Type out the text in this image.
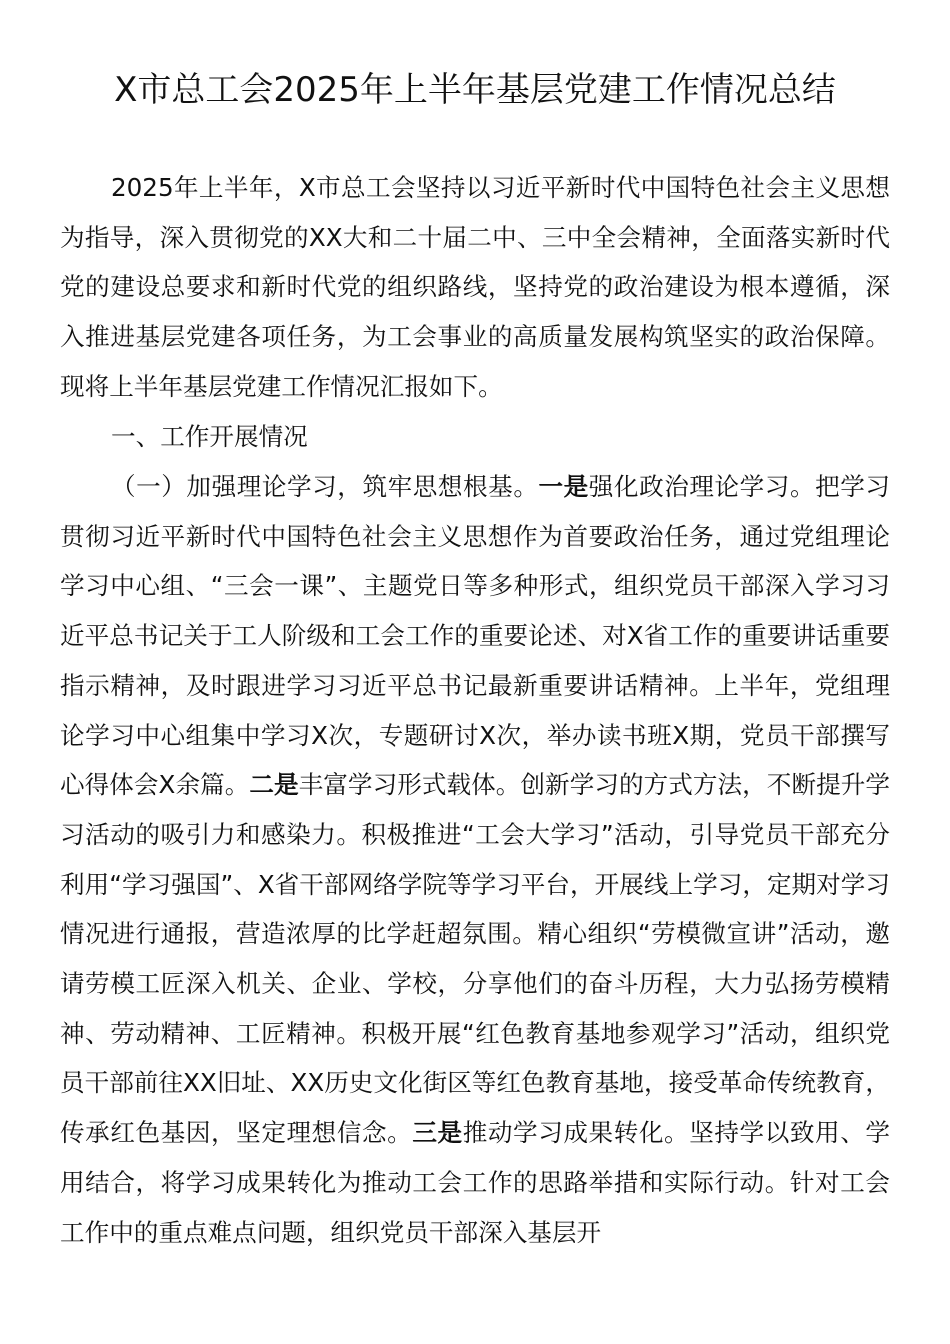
X市总工会2025年上半年基层党建工作情况总结

2025年上半年，X市总工会坚持以习近平新时代中国特色社会主义思想为指导，深入贯彻党的XX大和二十届二中、三中全会精神，全面落实新时代党的建设总要求和新时代党的组织路线，坚持党的政治建设为根本遵循，深入推进基层党建各项任务，为工会事业的高质量发展构筑坚实的政治保障。现将上半年基层党建工作情况汇报如下。

一、工作开展情况

（一）加强理论学习，筑牢思想根基。一是强化政治理论学习。把学习贯彻习近平新时代中国特色社会主义思想作为首要政治任务，通过党组理论学习中心组、“三会一课”、主题党日等多种形式，组织党员干部深入学习习近平总书记关于工人阶级和工会工作的重要论述、对X省工作的重要讲话重要指示精神，及时跟进学习习近平总书记最新重要讲话精神。上半年，党组理论学习中心组集中学习X次，专题研讨X次，举办读书班X期，党员干部撰写心得体会X余篇。二是丰富学习形式载体。创新学习的方式方法，不断提升学习活动的吸引力和感染力。积极推进“工会大学习”活动，引导党员干部充分利用“学习强国”、X省干部网络学院等学习平台，开展线上学习，定期对学习情况进行通报，营造浓厚的比学赶超氛围。精心组织“劳模微宣讲”活动，邀请劳模工匠深入机关、企业、学校，分享他们的奋斗历程，大力弘扬劳模精神、劳动精神、工匠精神。积极开展“红色教育基地参观学习”活动，组织党员干部前往XX旧址、XX历史文化街区等红色教育基地，接受革命传统教育，传承红色基因，坚定理想信念。三是推动学习成果转化。坚持学以致用、学用结合，将学习成果转化为推动工会工作的思路举措和实际行动。针对工会工作中的重点难点问题，组织党员干部深入基层开
